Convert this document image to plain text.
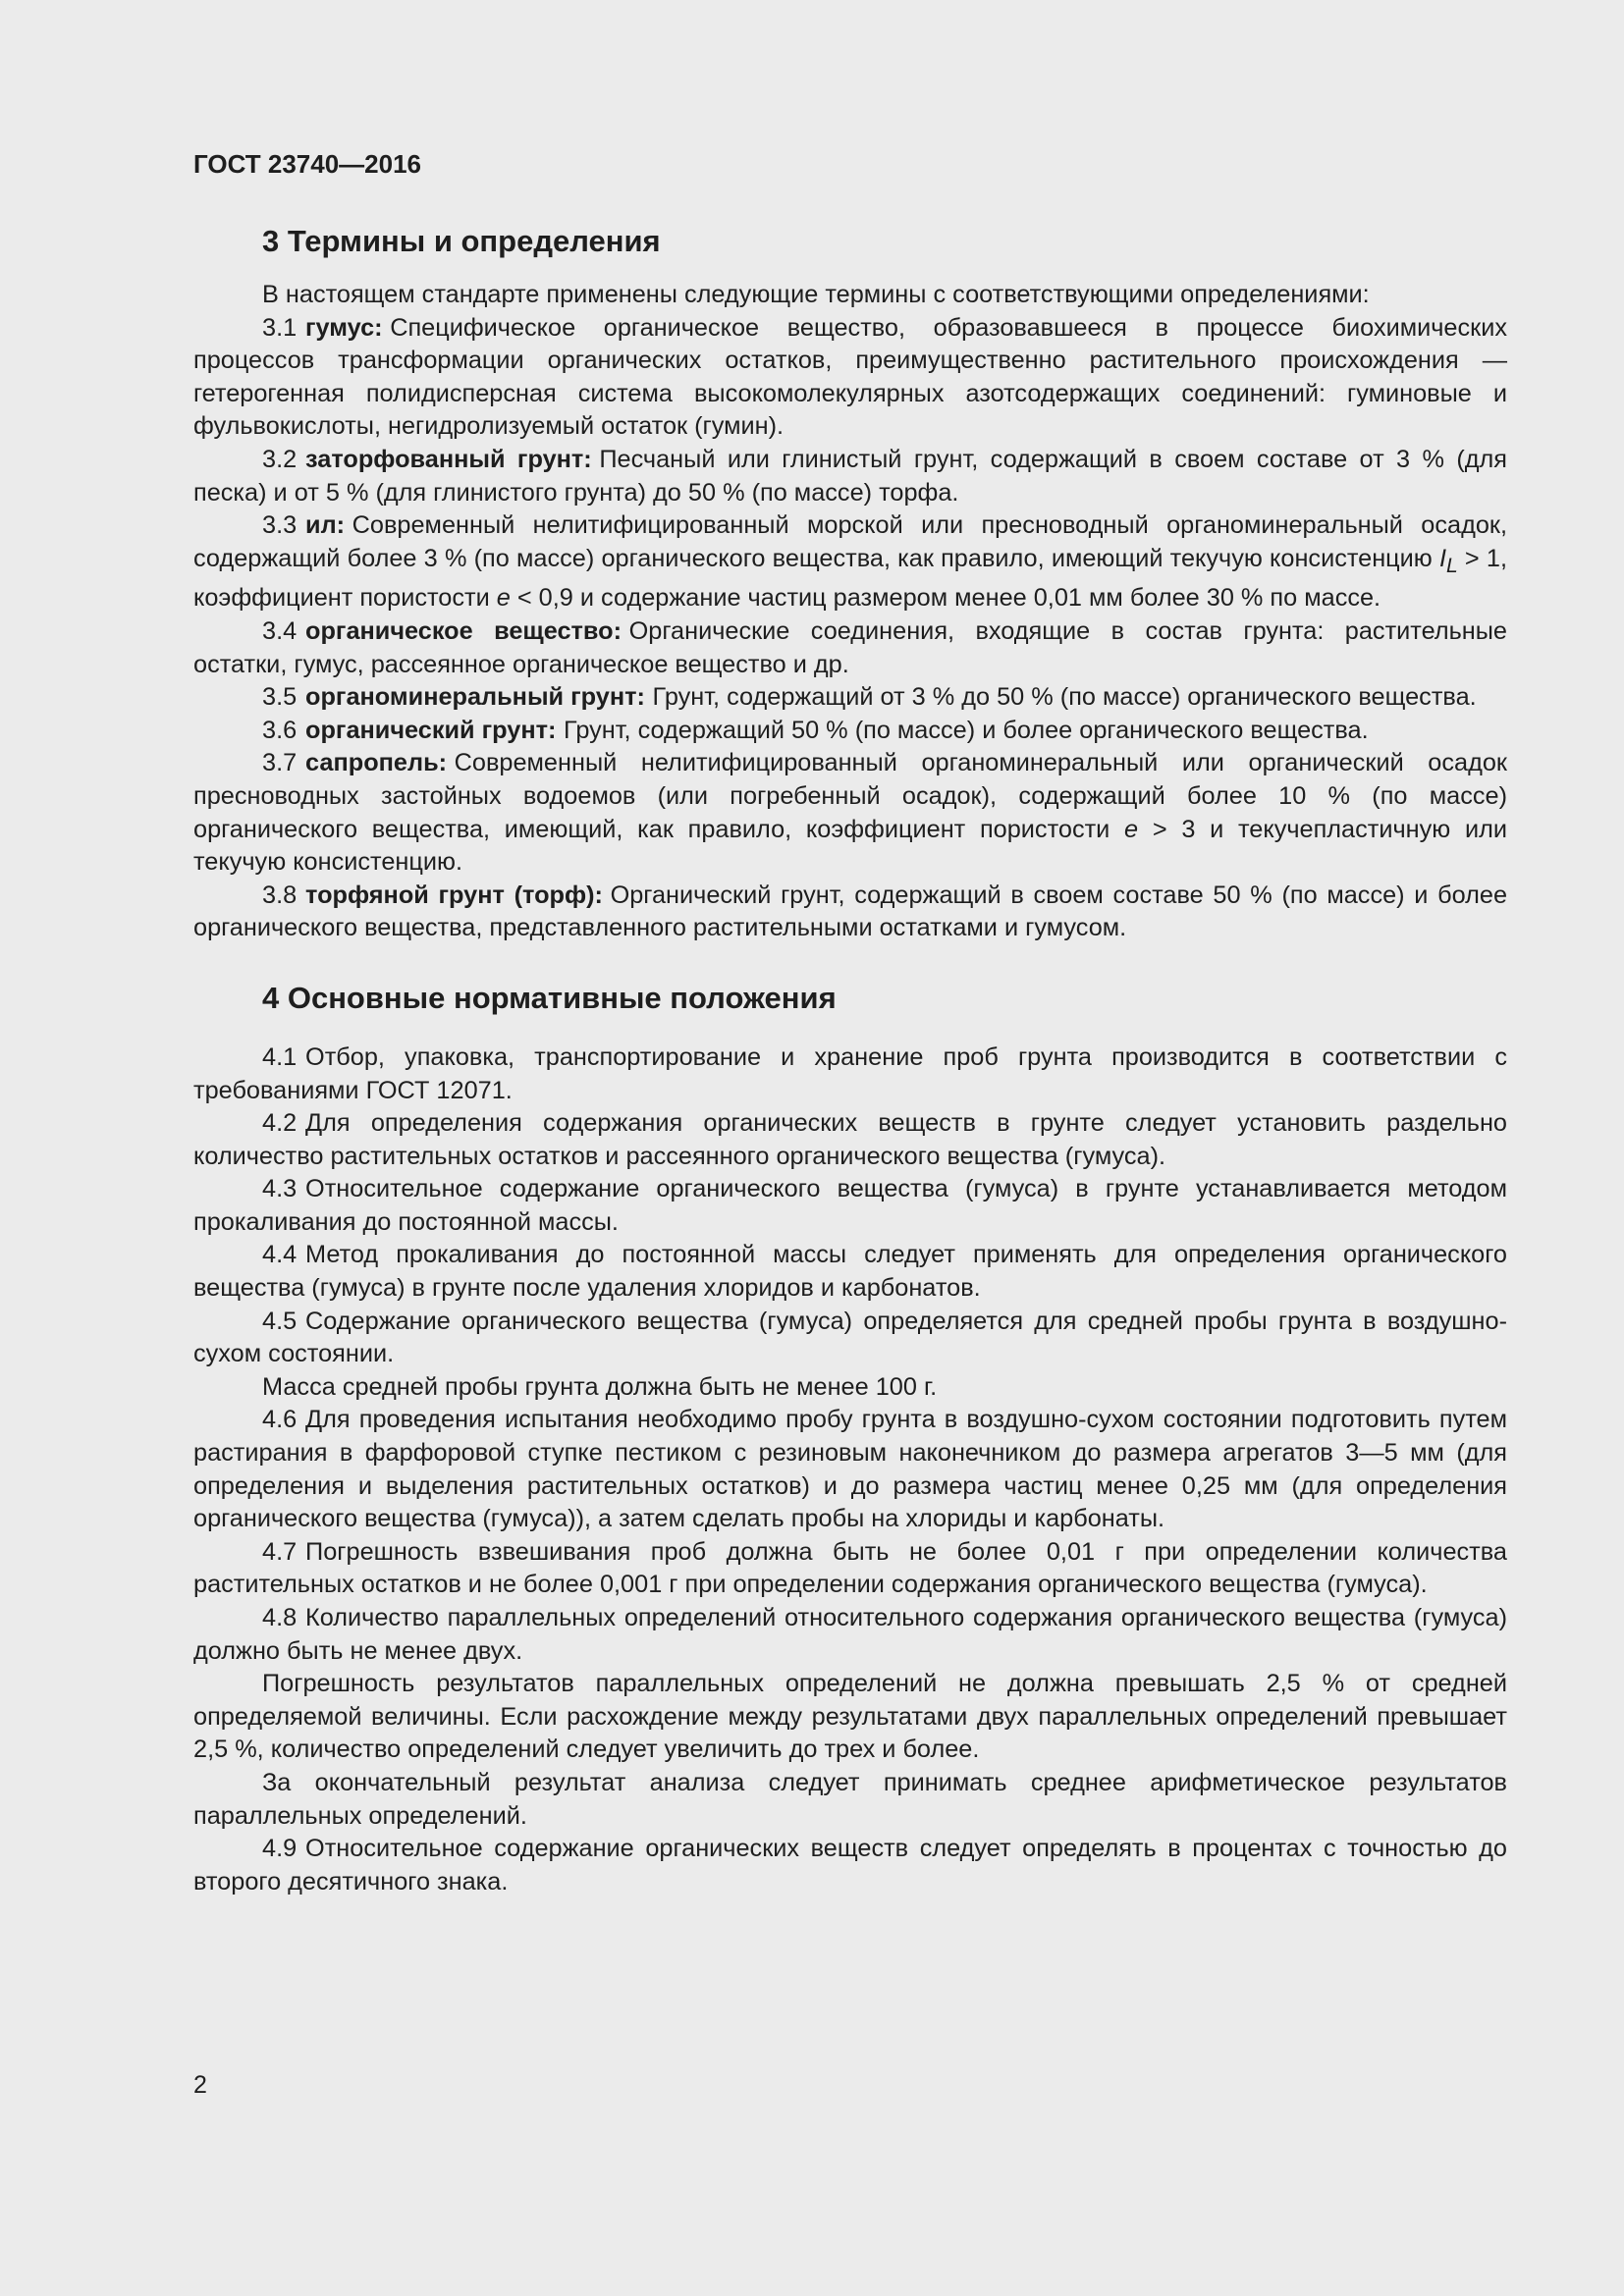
ГОСТ 23740—2016
3 Термины и определения

В настоящем стандарте применены следующие термины с соответствующими определениями:

3.1 гумус: Специфическое органическое вещество, образовавшееся в процессе биохимических процессов трансформации органических остатков, преимущественно растительного происхождения — гетерогенная полидисперсная система высокомолекулярных азотсодержащих соединений: гуминовые и фульвокислоты, негидролизуемый остаток (гумин).

3.2 заторфованный грунт: Песчаный или глинистый грунт, содержащий в своем составе от 3 % (для песка) и от 5 % (для глинистого грунта) до 50 % (по массе) торфа.

3.3 ил: Современный нелитифицированный морской или пресноводный органоминеральный осадок, содержащий более 3 % (по массе) органического вещества, как правило, имеющий текучую консистенцию $I_L > 1$, коэффициент пористости e < 0,9 и содержание частиц размером менее 0,01 мм более 30 % по массе.

3.4 органическое вещество: Органические соединения, входящие в состав грунта: растительные остатки, гумус, рассеянное органическое вещество и др.

3.5 органоминеральный грунт: Грунт, содержащий от 3 % до 50 % (по массе) органического вещества.

3.6 органический грунт: Грунт, содержащий 50 % (по массе) и более органического вещества.

3.7 сапропель: Современный нелитифицированный органоминеральный или органический осадок пресноводных застойных водоемов (или погребенный осадок), содержащий более 10 % (по массе) органического вещества, имеющий, как правило, коэффициент пористости e > 3 и текучепластичную или текучую консистенцию.

3.8 торфяной грунт (торф): Органический грунт, содержащий в своем составе 50 % (по массе) и более органического вещества, представленного растительными остатками и гумусом.

4 Основные нормативные положения

4.1 Отбор, упаковка, транспортирование и хранение проб грунта производится в соответствии с требованиями ГОСТ 12071.

4.2 Для определения содержания органических веществ в грунте следует установить раздельно количество растительных остатков и рассеянного органического вещества (гумуса).

4.3 Относительное содержание органического вещества (гумуса) в грунте устанавливается методом прокаливания до постоянной массы.

4.4 Метод прокаливания до постоянной массы следует применять для определения органического вещества (гумуса) в грунте после удаления хлоридов и карбонатов.

4.5 Содержание органического вещества (гумуса) определяется для средней пробы грунта в воздушно-сухом состоянии.

Масса средней пробы грунта должна быть не менее 100 г.

4.6 Для проведения испытания необходимо пробу грунта в воздушно-сухом состоянии подготовить путем растирания в фарфоровой ступке пестиком с резиновым наконечником до размера агрегатов 3—5 мм (для определения и выделения растительных остатков) и до размера частиц менее 0,25 мм (для определения органического вещества (гумуса)), а затем сделать пробы на хлориды и карбонаты.

4.7 Погрешность взвешивания проб должна быть не более 0,01 г при определении количества растительных остатков и не более 0,001 г при определении содержания органического вещества (гумуса).

4.8 Количество параллельных определений относительного содержания органического вещества (гумуса) должно быть не менее двух.

Погрешность результатов параллельных определений не должна превышать 2,5 % от средней определяемой величины. Если расхождение между результатами двух параллельных определений превышает 2,5 %, количество определений следует увеличить до трех и более.

За окончательный результат анализа следует принимать среднее арифметическое результатов параллельных определений.

4.9 Относительное содержание органических веществ следует определять в процентах с точностью до второго десятичного знака.

2
